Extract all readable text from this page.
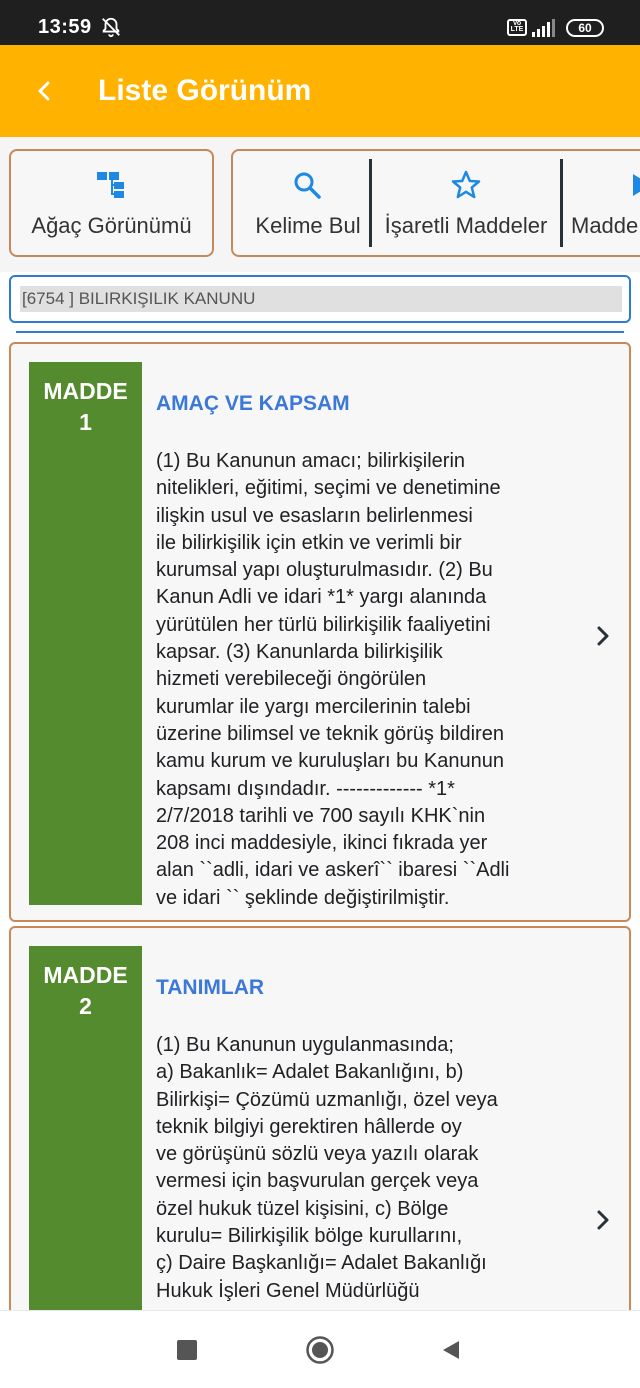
13:59	Vo LTE	60
Liste Görünüm
Ağaç Görünümü	Kelime Bul	İşaretli Maddeler	Madde
[6754 ] BILIRKIŞILIK KANUNU
MADDE
1
AMAÇ VE KAPSAM
(1) Bu Kanunun amacı; bilirkişilerin
nitelikleri, eğitimi, seçimi ve denetimine
ilişkin usul ve esasların belirlenmesi
ile bilirkişilik için etkin ve verimli bir
kurumsal yapı oluşturulmasıdır. (2) Bu
Kanun Adli ve idari *1* yargı alanında
yürütülen her türlü bilirkişilik faaliyetini
kapsar. (3) Kanunlarda bilirkişilik
hizmeti verebileceği öngörülen
kurumlar ile yargı mercilerinin talebi
üzerine bilimsel ve teknik görüş bildiren
kamu kurum ve kuruluşları bu Kanunun
kapsamı dışındadır. ------------- *1*
2/7/2018 tarihli ve 700 sayılı KHK`nin
208 inci maddesiyle, ikinci fıkrada yer
alan ``adli, idari ve askerî`` ibaresi ``Adli
ve idari `` şeklinde değiştirilmiştir.
MADDE
2
TANIMLAR
(1) Bu Kanunun uygulanmasında;
a) Bakanlık= Adalet Bakanlığını, b)
Bilirkişi= Çözümü uzmanlığı, özel veya
teknik bilgiyi gerektiren hâllerde oy
ve görüşünü sözlü veya yazılı olarak
vermesi için başvurulan gerçek veya
özel hukuk tüzel kişisini, c) Bölge
kurulu= Bilirkişilik bölge kurullarını,
ç) Daire Başkanlığı= Adalet Bakanlığı
Hukuk İşleri Genel Müdürlüğü
